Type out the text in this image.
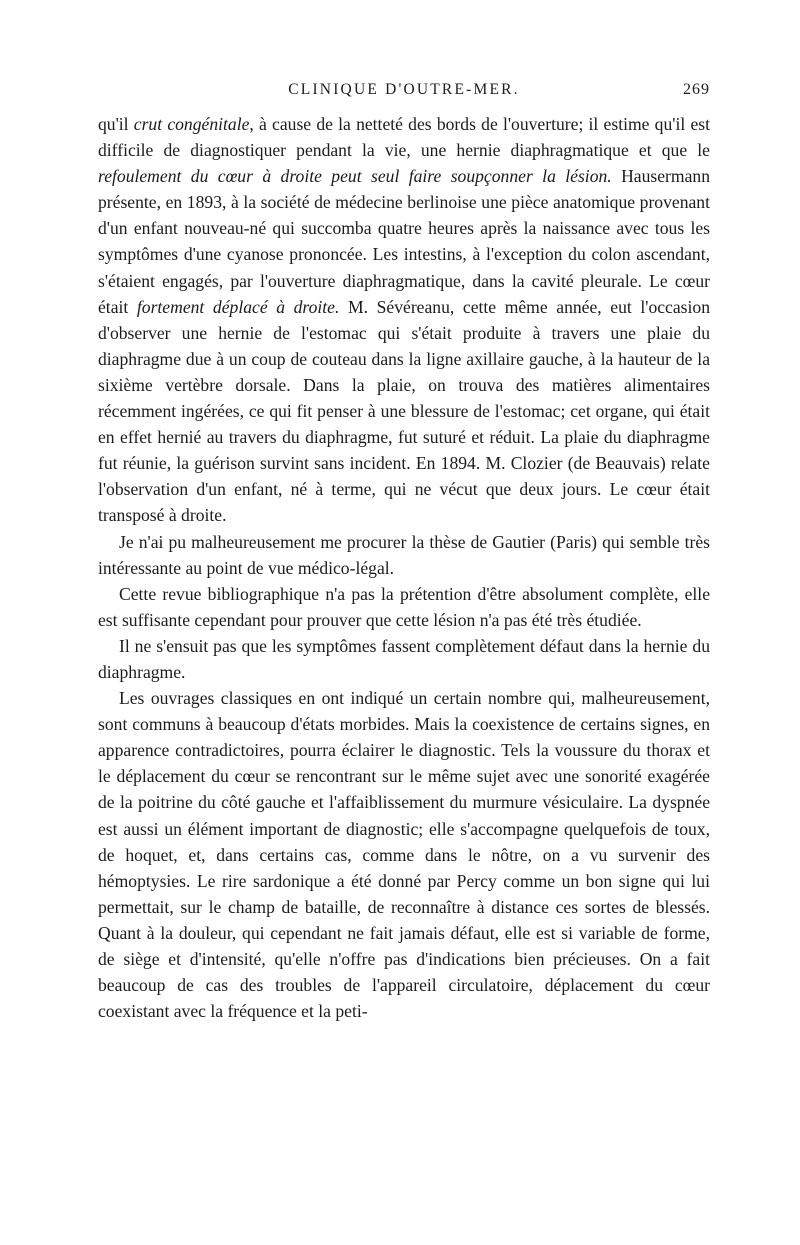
CLINIQUE D'OUTRE-MER.	269

qu'il crut congénitale, à cause de la netteté des bords de l'ouverture; il estime qu'il est difficile de diagnostiquer pendant la vie, une hernie diaphragmatique et que le refoulement du cœur à droite peut seul faire soupçonner la lésion. Hausermann présente, en 1893, à la société de médecine berlinoise une pièce anatomique provenant d'un enfant nouveau-né qui succomba quatre heures après la naissance avec tous les symptômes d'une cyanose prononcée. Les intestins, à l'exception du colon ascendant, s'étaient engagés, par l'ouverture diaphragmatique, dans la cavité pleurale. Le cœur était fortement déplacé à droite. M. Sévéreanu, cette même année, eut l'occasion d'observer une hernie de l'estomac qui s'était produite à travers une plaie du diaphragme due à un coup de couteau dans la ligne axillaire gauche, à la hauteur de la sixième vertèbre dorsale. Dans la plaie, on trouva des matières alimentaires récemment ingérées, ce qui fit penser à une blessure de l'estomac; cet organe, qui était en effet hernié au travers du diaphragme, fut suturé et réduit. La plaie du diaphragme fut réunie, la guérison survint sans incident. En 1894. M. Clozier (de Beauvais) relate l'observation d'un enfant, né à terme, qui ne vécut que deux jours. Le cœur était transposé à droite.

Je n'ai pu malheureusement me procurer la thèse de Gautier (Paris) qui semble très intéressante au point de vue médico-légal.

Cette revue bibliographique n'a pas la prétention d'être absolument complète, elle est suffisante cependant pour prouver que cette lésion n'a pas été très étudiée.

Il ne s'ensuit pas que les symptômes fassent complètement défaut dans la hernie du diaphragme.

Les ouvrages classiques en ont indiqué un certain nombre qui, malheureusement, sont communs à beaucoup d'états morbides. Mais la coexistence de certains signes, en apparence contradictoires, pourra éclairer le diagnostic. Tels la voussure du thorax et le déplacement du cœur se rencontrant sur le même sujet avec une sonorité exagérée de la poitrine du côté gauche et l'affaiblissement du murmure vésiculaire. La dyspnée est aussi un élément important de diagnostic; elle s'accompagne quelquefois de toux, de hoquet, et, dans certains cas, comme dans le nôtre, on a vu survenir des hémoptysies. Le rire sardonique a été donné par Percy comme un bon signe qui lui permettait, sur le champ de bataille, de reconnaître à distance ces sortes de blessés. Quant à la douleur, qui cependant ne fait jamais défaut, elle est si variable de forme, de siège et d'intensité, qu'elle n'offre pas d'indications bien précieuses. On a fait beaucoup de cas des troubles de l'appareil circulatoire, déplacement du cœur coexistant avec la fréquence et la peti-
